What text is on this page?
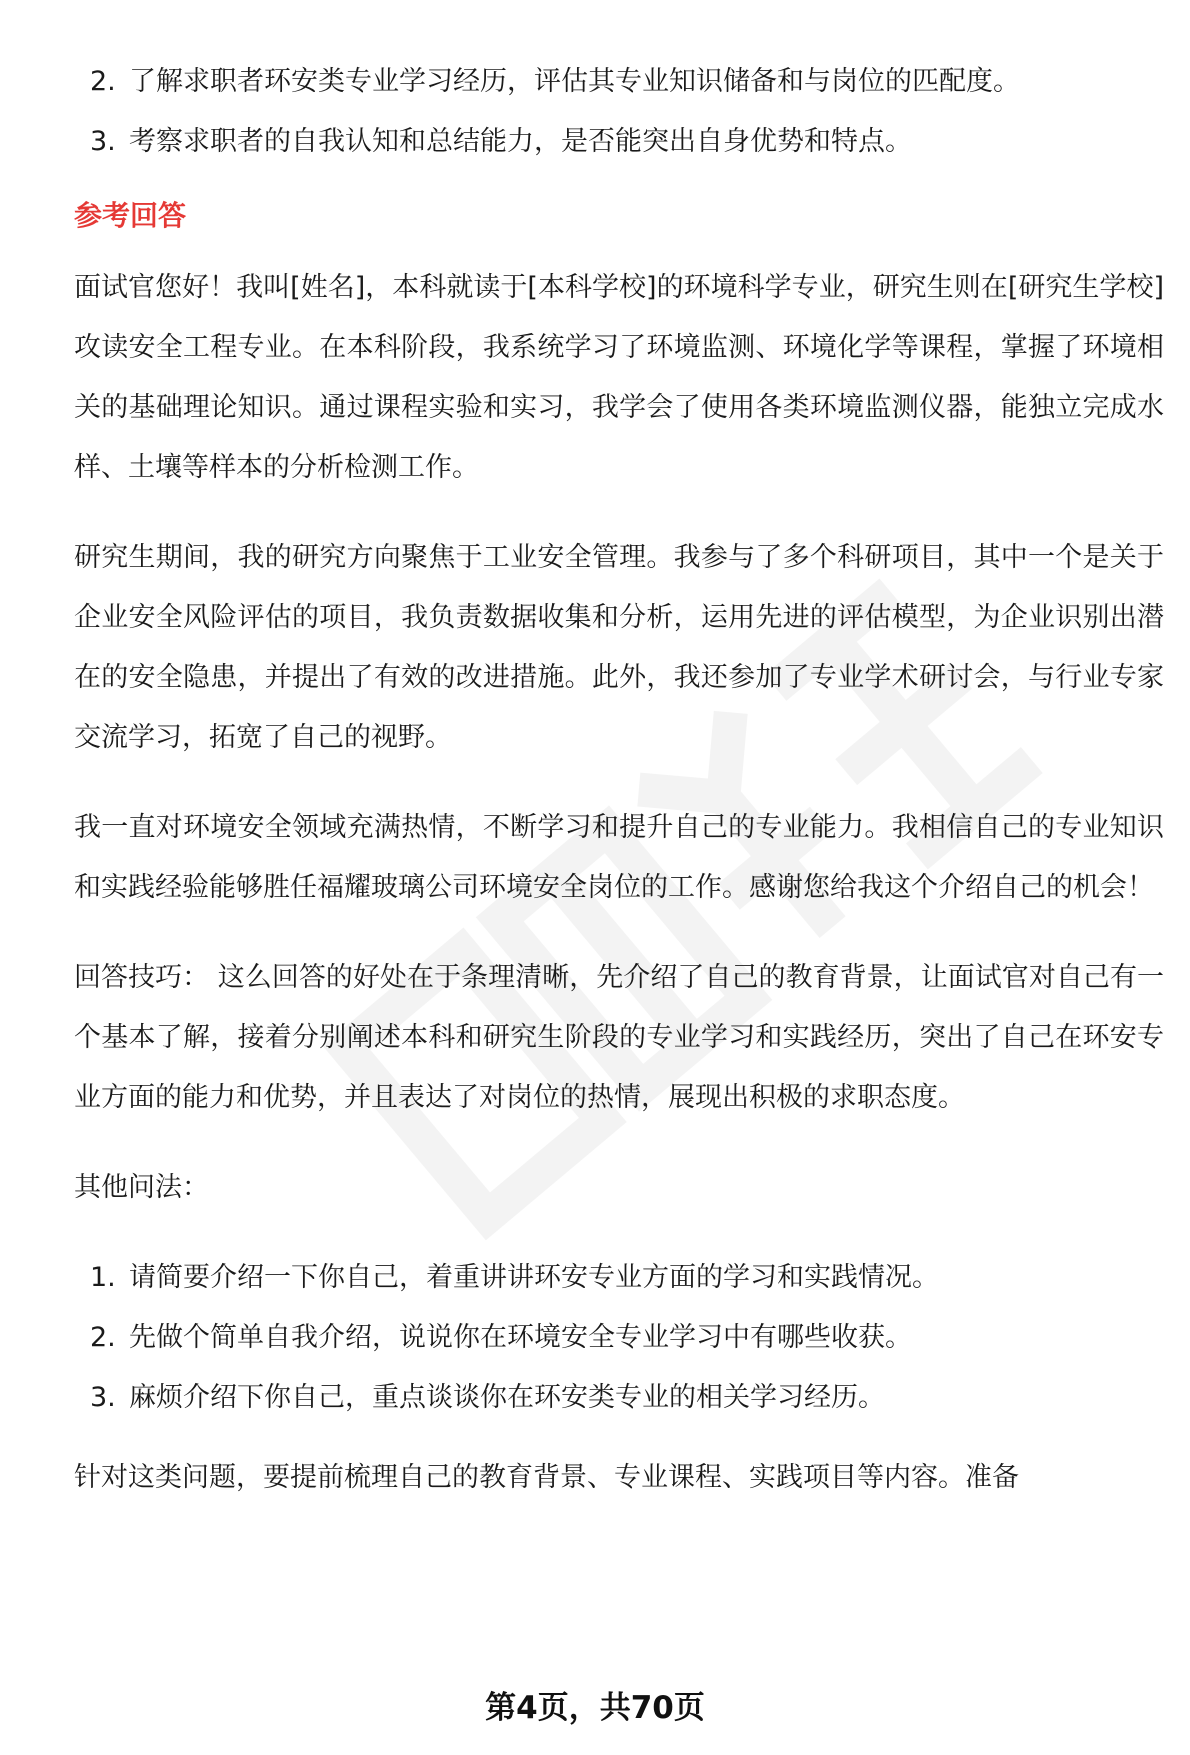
2. 了解求职者环安类专业学习经历，评估其专业知识储备和与岗位的匹配度。
3. 考察求职者的自我认知和总结能力，是否能突出自身优势和特点。
参考回答

面试官您好！我叫[姓名]，本科就读于[本科学校]的环境科学专业，研究生则在[研究生学校]攻读安全工程专业。在本科阶段，我系统学习了环境监测、环境化学等课程，掌握了环境相关的基础理论知识。通过课程实验和实习，我学会了使用各类环境监测仪器，能独立完成水样、土壤等样本的分析检测工作。

研究生期间，我的研究方向聚焦于工业安全管理。我参与了多个科研项目，其中一个是关于企业安全风险评估的项目，我负责数据收集和分析，运用先进的评估模型，为企业识别出潜在的安全隐患，并提出了有效的改进措施。此外，我还参加了专业学术研讨会，与行业专家交流学习，拓宽了自己的视野。

我一直对环境安全领域充满热情，不断学习和提升自己的专业能力。我相信自己的专业知识和实践经验能够胜任福耀玻璃公司环境安全岗位的工作。感谢您给我这个介绍自己的机会！

回答技巧： 这么回答的好处在于条理清晰，先介绍了自己的教育背景，让面试官对自己有一个基本了解，接着分别阐述本科和研究生阶段的专业学习和实践经历，突出了自己在环安专业方面的能力和优势，并且表达了对岗位的热情，展现出积极的求职态度。

其他问法：

1. 请简要介绍一下你自己，着重讲讲环安专业方面的学习和实践情况。
2. 先做个简单自我介绍，说说你在环境安全专业学习中有哪些收获。
3. 麻烦介绍下你自己，重点谈谈你在环安类专业的相关学习经历。

针对这类问题，要提前梳理自己的教育背景、专业课程、实践项目等内容。准备

第4页，共70页
